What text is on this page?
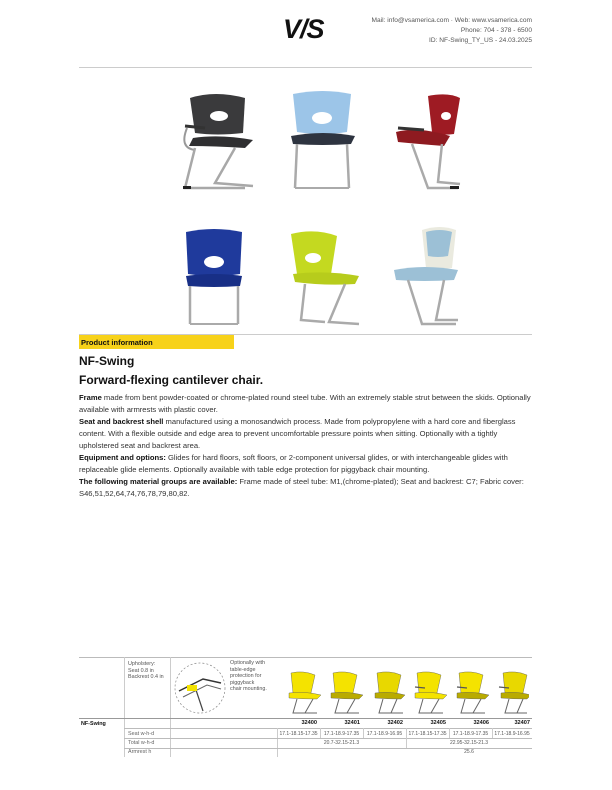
V/S	Mail: info@vsamerica.com · Web: www.vsamerica.com
Phone: 704 - 378 - 6500
ID: NF-Swing_TY_US - 24.03.2025
Product information
NF-Swing
Forward-flexing cantilever chair.

Frame made from bent powder-coated or chrome-plated round steel tube. With an extremely stable strut between the skids. Optionally available with armrests with plastic cover.

Seat and backrest shell manufactured using a monosandwich process. Made from polypropylene with a hard core and fiberglass content. With a flexible outside and edge area to prevent uncomfortable pressure points when sitting. Optionally with a tightly upholstered seat and backrest area.

Equipment and options: Glides for hard floors, soft floors, or 2-component universal glides, or with interchangeable glides with replaceable glide elements. Optionally available with table edge protection for piggyback chair mounting.

The following material groups are available: Frame made of steel tube: M1,(chrome-plated); Seat and backrest: C7; Fabric cover: S46,51,52,64,74,76,78,79,80,82.

Upholstery:
Seat 0.8 in
Backrest 0.4 in
Optionally with
table-edge
protection for
piggyback
chair mounting.
NF-Swing	32400	32401	32402	32405	32406	32407
Seat w-h-d	17.1-18.15-17.35	17.1-18.9-17.35	17.1-18.9-16.95	17.1-18.15-17.35	17.1-18.9-17.35	17.1-18.9-16.95
Total w-h-d	20.7-32.15-21.3	22.95-32.15-21.3
Armrest h	25.6
